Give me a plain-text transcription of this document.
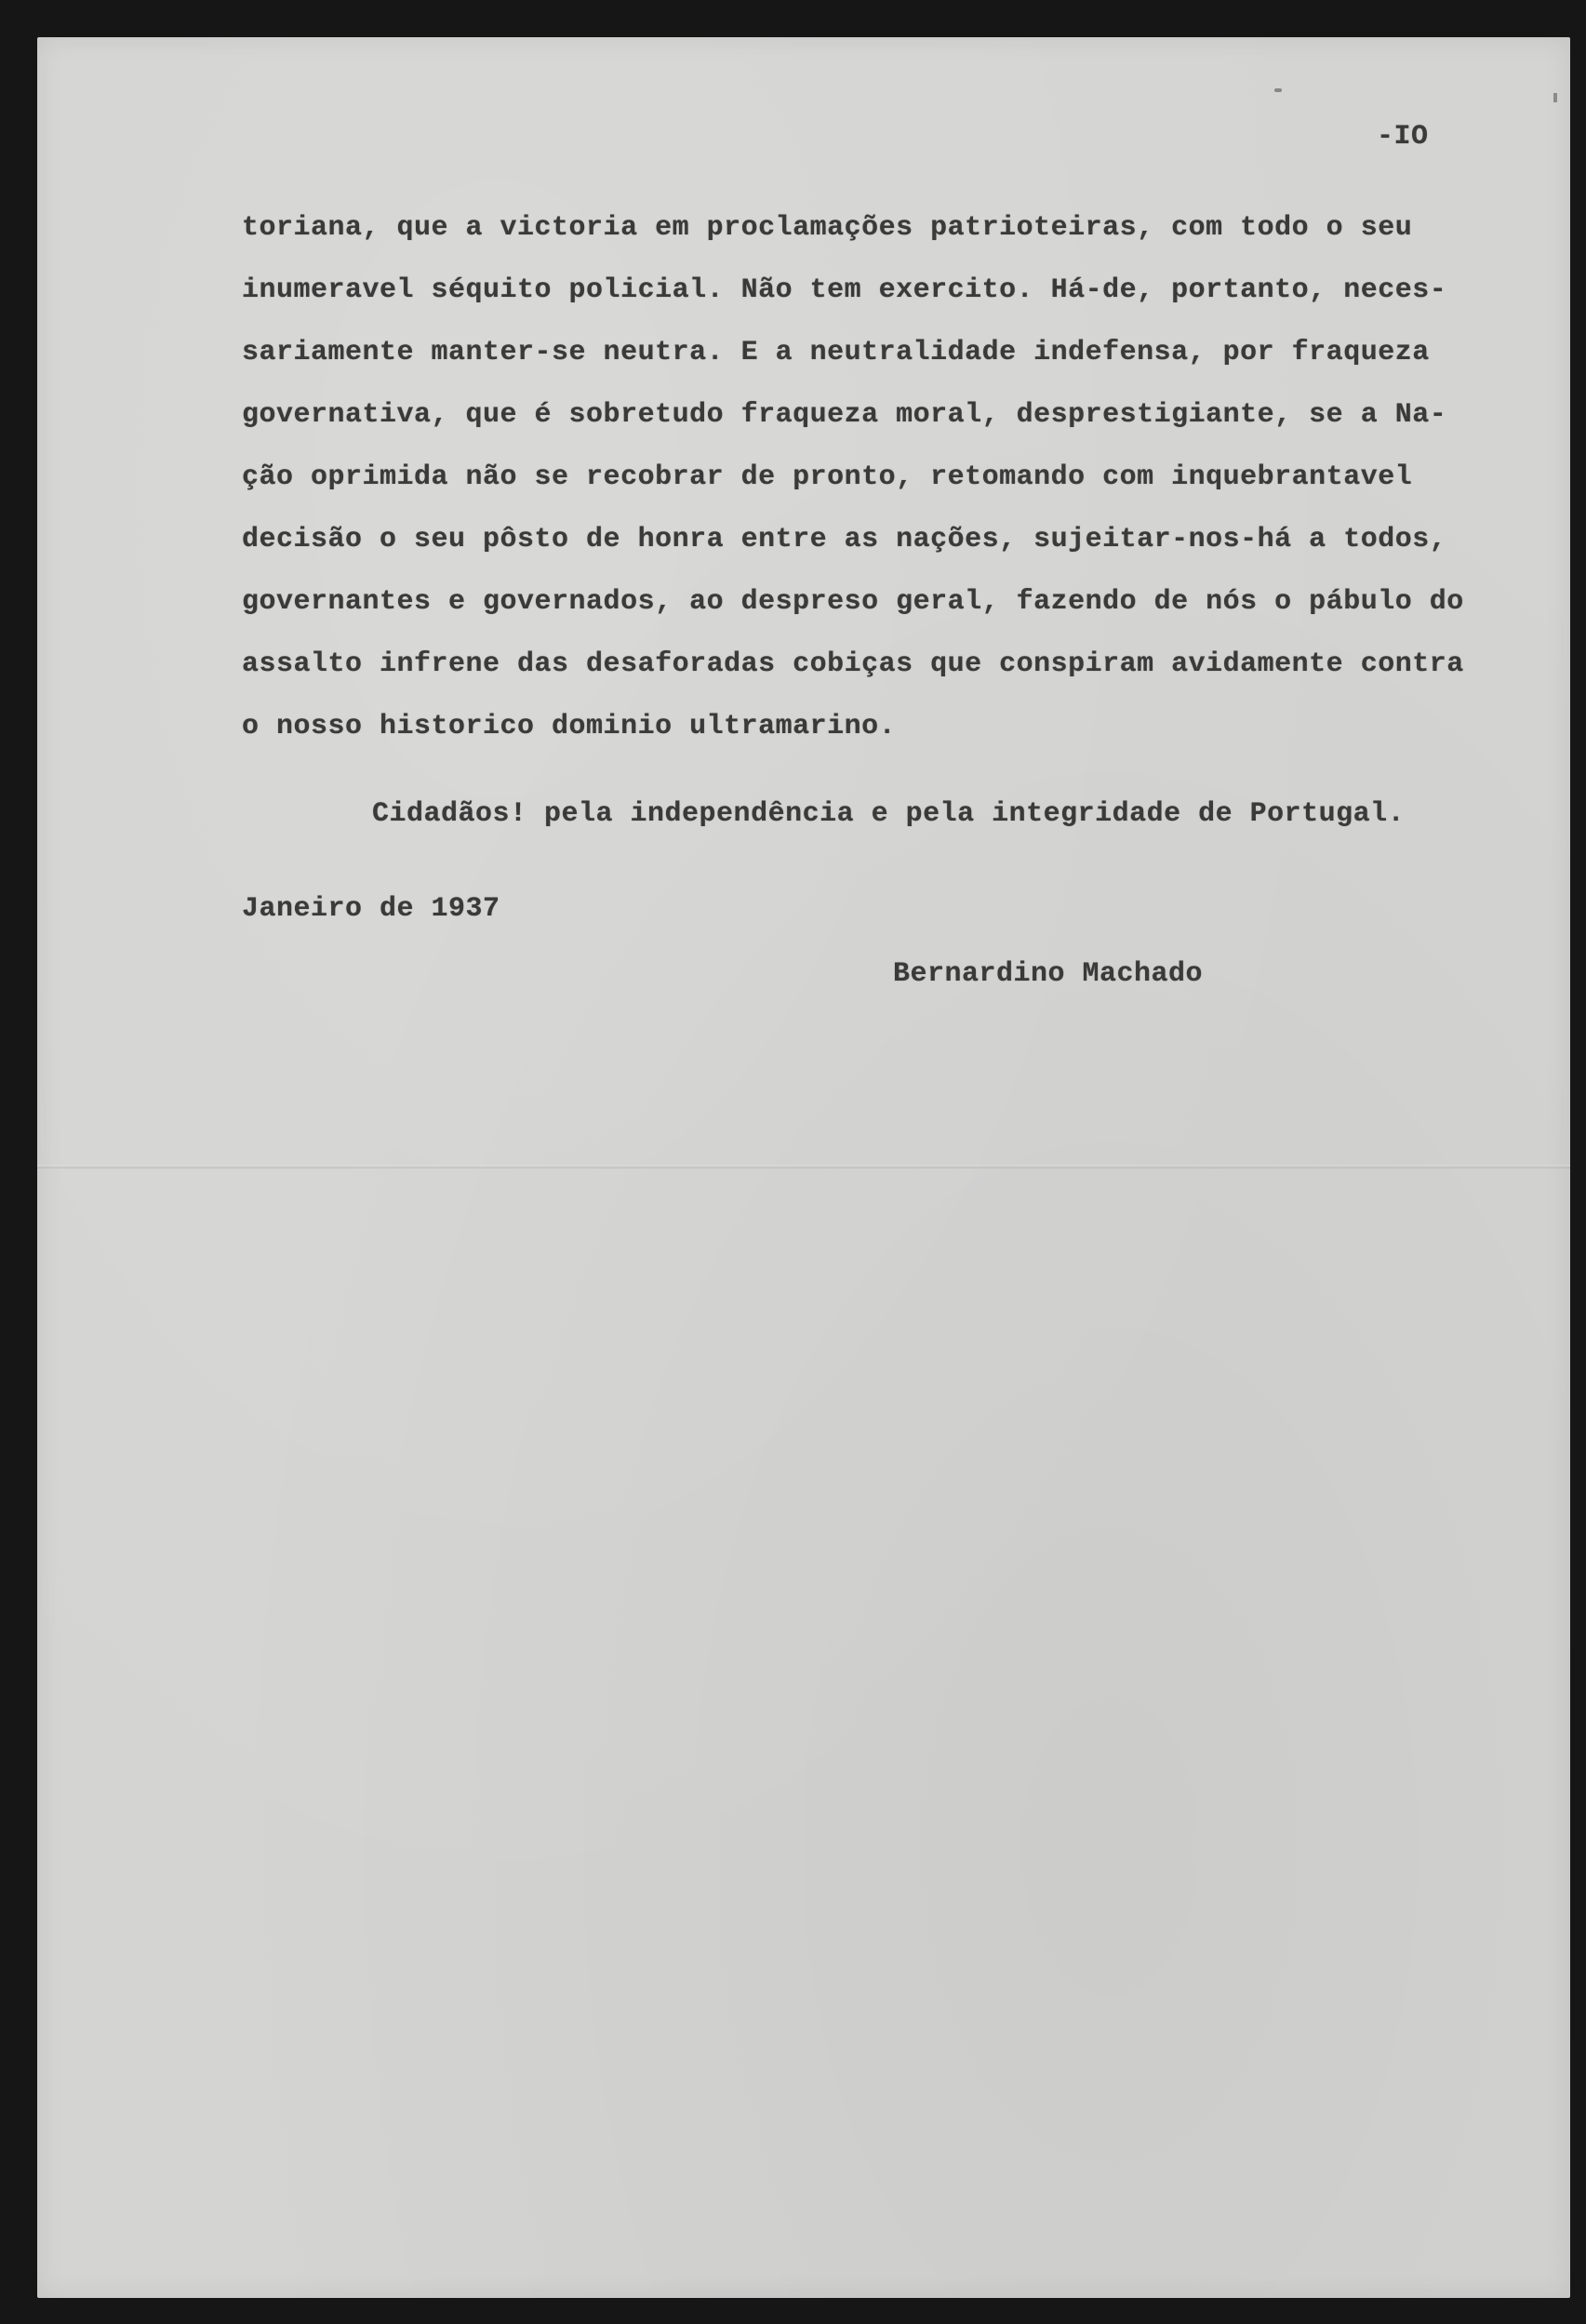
-IO
toriana, que a victoria em proclamações patrioteiras, com todo o seu
inumeravel séquito policial. Não tem exercito. Há-de, portanto, neces-
sariamente manter-se neutra. E a neutralidade indefensa, por fraqueza
governativa, que é sobretudo fraqueza moral, desprestigiante, se a Na-
ção oprimida não se recobrar de pronto, retomando com inquebrantavel
decisão o seu pôsto de honra entre as nações, sujeitar-nos-há a todos,
governantes e governados, ao despreso geral, fazendo de nós o pábulo do
assalto infrene das desaforadas cobiças que conspiram avidamente contra
o nosso historico dominio ultramarino.
Cidadãos! pela independência e pela integridade de Portugal.
Janeiro de 1937
Bernardino Machado
